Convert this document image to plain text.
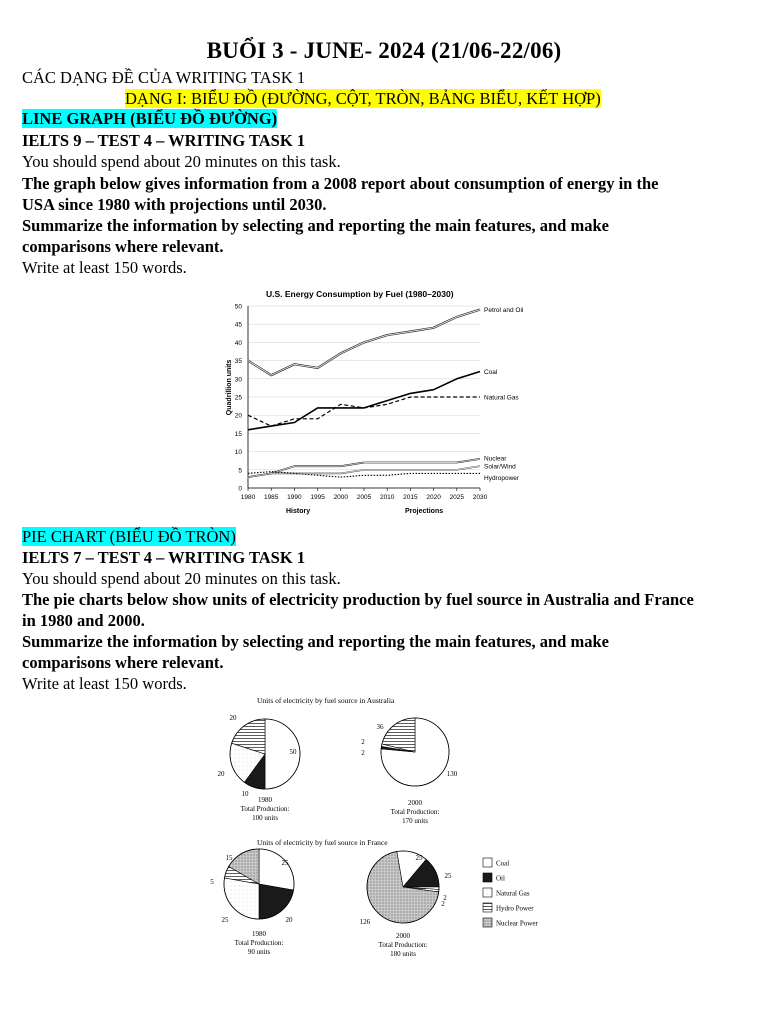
BUỔI 3 - JUNE- 2024 (21/06-22/06)
CÁC DẠNG ĐỀ CỦA WRITING TASK 1
DẠNG I: BIỂU ĐỒ (ĐƯỜNG, CỘT, TRÒN, BẢNG BIỂU, KẾT HỢP)
LINE GRAPH (BIỂU ĐỒ ĐƯỜNG)
IELTS 9 – TEST 4 – WRITING TASK 1
You should spend about 20 minutes on this task.
The graph below gives information from a 2008 report about consumption of energy in the
USA since 1980 with projections until 2030.
Summarize the information by selecting and reporting the main features, and make
comparisons where relevant.
Write at least 150 words.
U.S. Energy Consumption by Fuel (1980–2030)
Quadrillion units
History	Projections
0
5
10
15
20
25
30
35
40
45
50
1980 1985 1990 1995 2000 2005 2010 2015 2020 2025 2030
Petrol and Oil
Coal
Natural Gas
Nuclear
Solar/Wind
Hydropower
PIE CHART (BIỂU ĐỒ TRÒN)
IELTS 7 – TEST 4 – WRITING TASK 1
You should spend about 20 minutes on this task.
The pie charts below show units of electricity production by fuel source in Australia and France
in 1980 and 2000.
Summarize the information by selecting and reporting the main features, and make
comparisons where relevant.
Write at least 150 words.
Units of electricity by fuel source in Australia
Units of electricity by fuel source in France
50
10
20
20
1980
Total Production:
100 units
130
2
2
36
2000
Total Production:
170 units
25
20
25
5
15
1980
Total Production:
90 units
25
25
2
2
126
2000
Total Production:
180 units
Coal
Oil
Natural Gas
Hydro Power
Nuclear Power
